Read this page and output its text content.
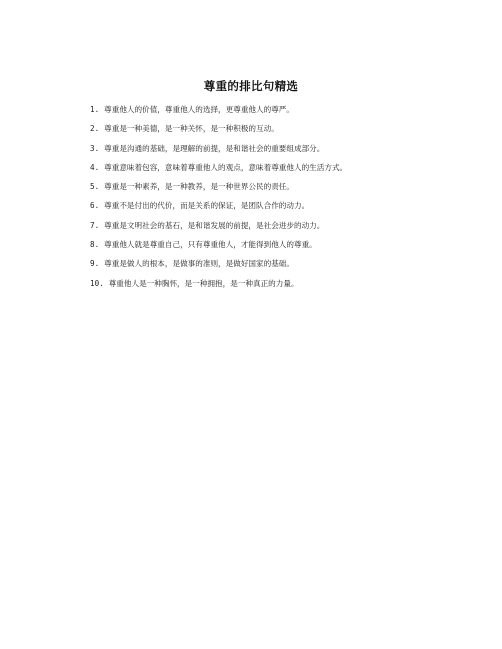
尊重的排比句精选
1. 尊重他人的价值，尊重他人的选择，更尊重他人的尊严。
2. 尊重是一种美德，是一种关怀，是一种积极的互动。
3. 尊重是沟通的基础，是理解的前提，是和谐社会的重要组成部分。
4. 尊重意味着包容，意味着尊重他人的观点，意味着尊重他人的生活方式。
5. 尊重是一种素养，是一种教养，是一种世界公民的责任。
6. 尊重不是付出的代价，而是关系的保证，是团队合作的动力。
7. 尊重是文明社会的基石，是和谐发展的前提，是社会进步的动力。
8. 尊重他人就是尊重自己，只有尊重他人，才能得到他人的尊重。
9. 尊重是做人的根本，是做事的准则，是做好国家的基础。
10. 尊重他人是一种胸怀，是一种拥抱，是一种真正的力量。
